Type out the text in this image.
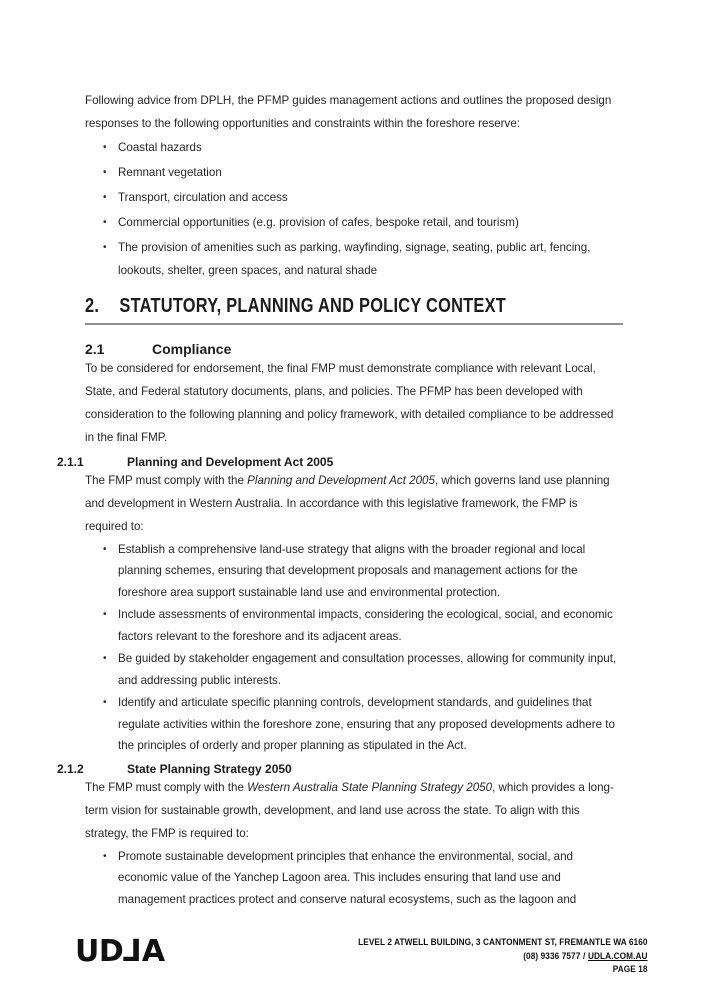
Following advice from DPLH, the PFMP guides management actions and outlines the proposed design responses to the following opportunities and constraints within the foreshore reserve:

• Coastal hazards
• Remnant vegetation
• Transport, circulation and access
• Commercial opportunities (e.g. provision of cafes, bespoke retail, and tourism)
• The provision of amenities such as parking, wayfinding, signage, seating, public art, fencing, lookouts, shelter, green spaces, and natural shade
2. STATUTORY, PLANNING AND POLICY CONTEXT
2.1	Compliance

To be considered for endorsement, the final FMP must demonstrate compliance with relevant Local, State, and Federal statutory documents, plans, and policies. The PFMP has been developed with consideration to the following planning and policy framework, with detailed compliance to be addressed in the final FMP.

2.1.1	Planning and Development Act 2005

The FMP must comply with the Planning and Development Act 2005, which governs land use planning and development in Western Australia. In accordance with this legislative framework, the FMP is required to:

• Establish a comprehensive land-use strategy that aligns with the broader regional and local planning schemes, ensuring that development proposals and management actions for the foreshore area support sustainable land use and environmental protection.
• Include assessments of environmental impacts, considering the ecological, social, and economic factors relevant to the foreshore and its adjacent areas.
• Be guided by stakeholder engagement and consultation processes, allowing for community input, and addressing public interests.
• Identify and articulate specific planning controls, development standards, and guidelines that regulate activities within the foreshore zone, ensuring that any proposed developments adhere to the principles of orderly and proper planning as stipulated in the Act.
2.1.2	State Planning Strategy 2050

The FMP must comply with the Western Australia State Planning Strategy 2050, which provides a long-term vision for sustainable growth, development, and land use across the state. To align with this strategy, the FMP is required to:

• Promote sustainable development principles that enhance the environmental, social, and economic value of the Yanchep Lagoon area. This includes ensuring that land use and management practices protect and conserve natural ecosystems, such as the lagoon and
UDLA	LEVEL 2 ATWELL BUILDING, 3 CANTONMENT ST, FREMANTLE WA 6160
(08) 9336 7577 / UDLA.COM.AU
PAGE 18
